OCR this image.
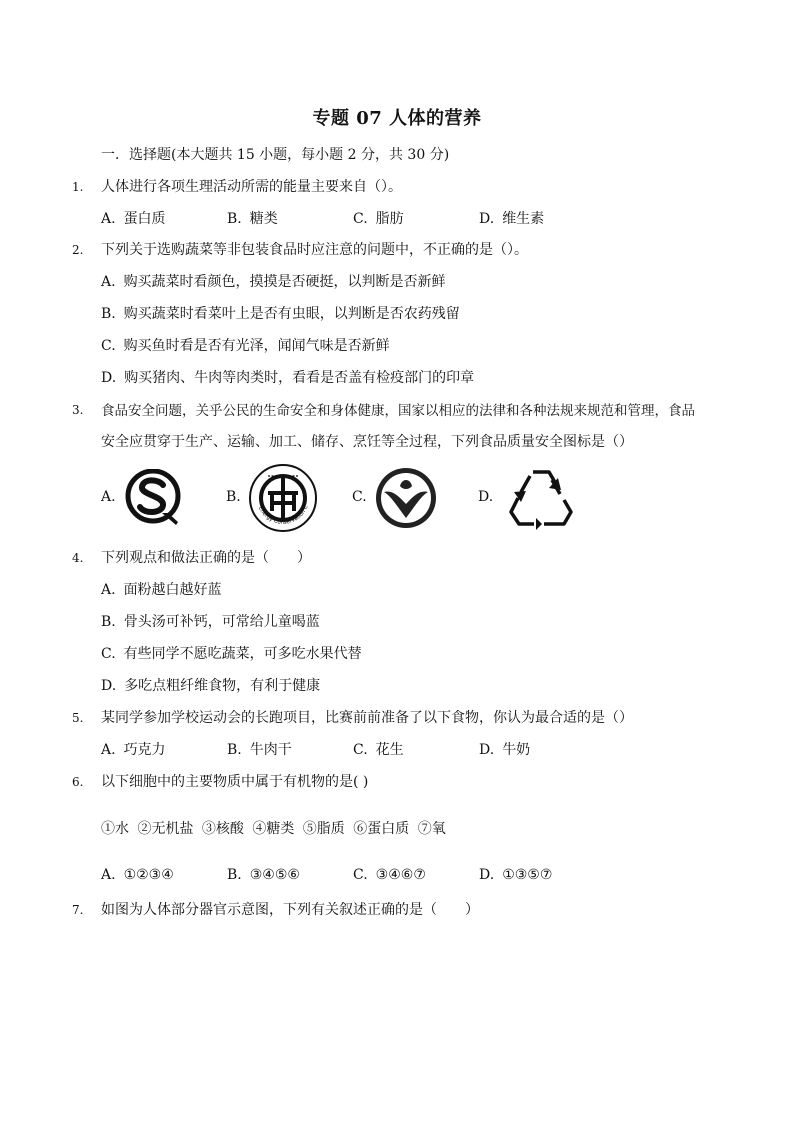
专题 07 人体的营养
一．选择题(本大题共 15 小题，每小题 2 分，共 30 分)
1. 人体进行各项生理活动所需的能量主要来自（）。
A. 蛋白质	B. 糖类	C. 脂肪	D. 维生素
2. 下列关于选购蔬菜等非包装食品时应注意的问题中，不正确的是（）。
A. 购买蔬菜时看颜色，摸摸是否硬挺，以判断是否新鲜
B. 购买蔬菜时看菜叶上是否有虫眼，以判断是否农药残留
C. 购买鱼时看是否有光泽，闻闻气味是否新鲜
D. 购买猪肉、牛肉等肉类时，看看是否盖有检疫部门的印章
3. 食品安全问题，关乎公民的生命安全和身体健康，国家以相应的法律和各种法规来规范和管理，食品
安全应贯穿于生产、运输、加工、储存、烹饪等全过程，下列食品质量安全图标是（）
A.	B.
Energy Conservation C
C.	D.
4. 下列观点和做法正确的是（　　）
A. 面粉越白越好蓝
B. 骨头汤可补钙，可常给儿童喝蓝
C. 有些同学不愿吃蔬菜，可多吃水果代替
D. 多吃点粗纤维食物，有利于健康
5. 某同学参加学校运动会的长跑项目，比赛前前准备了以下食物，你认为最合适的是（）
A. 巧克力	B. 牛肉干	C. 花生	D. 牛奶
6. 以下细胞中的主要物质中属于有机物的是( )
①水 ②无机盐 ③核酸 ④糖类 ⑤脂质 ⑥蛋白质 ⑦氧
A. ①②③④	B. ③④⑤⑥	C. ③④⑥⑦	D. ①③⑤⑦
7. 如图为人体部分器官示意图，下列有关叙述正确的是（　　）
